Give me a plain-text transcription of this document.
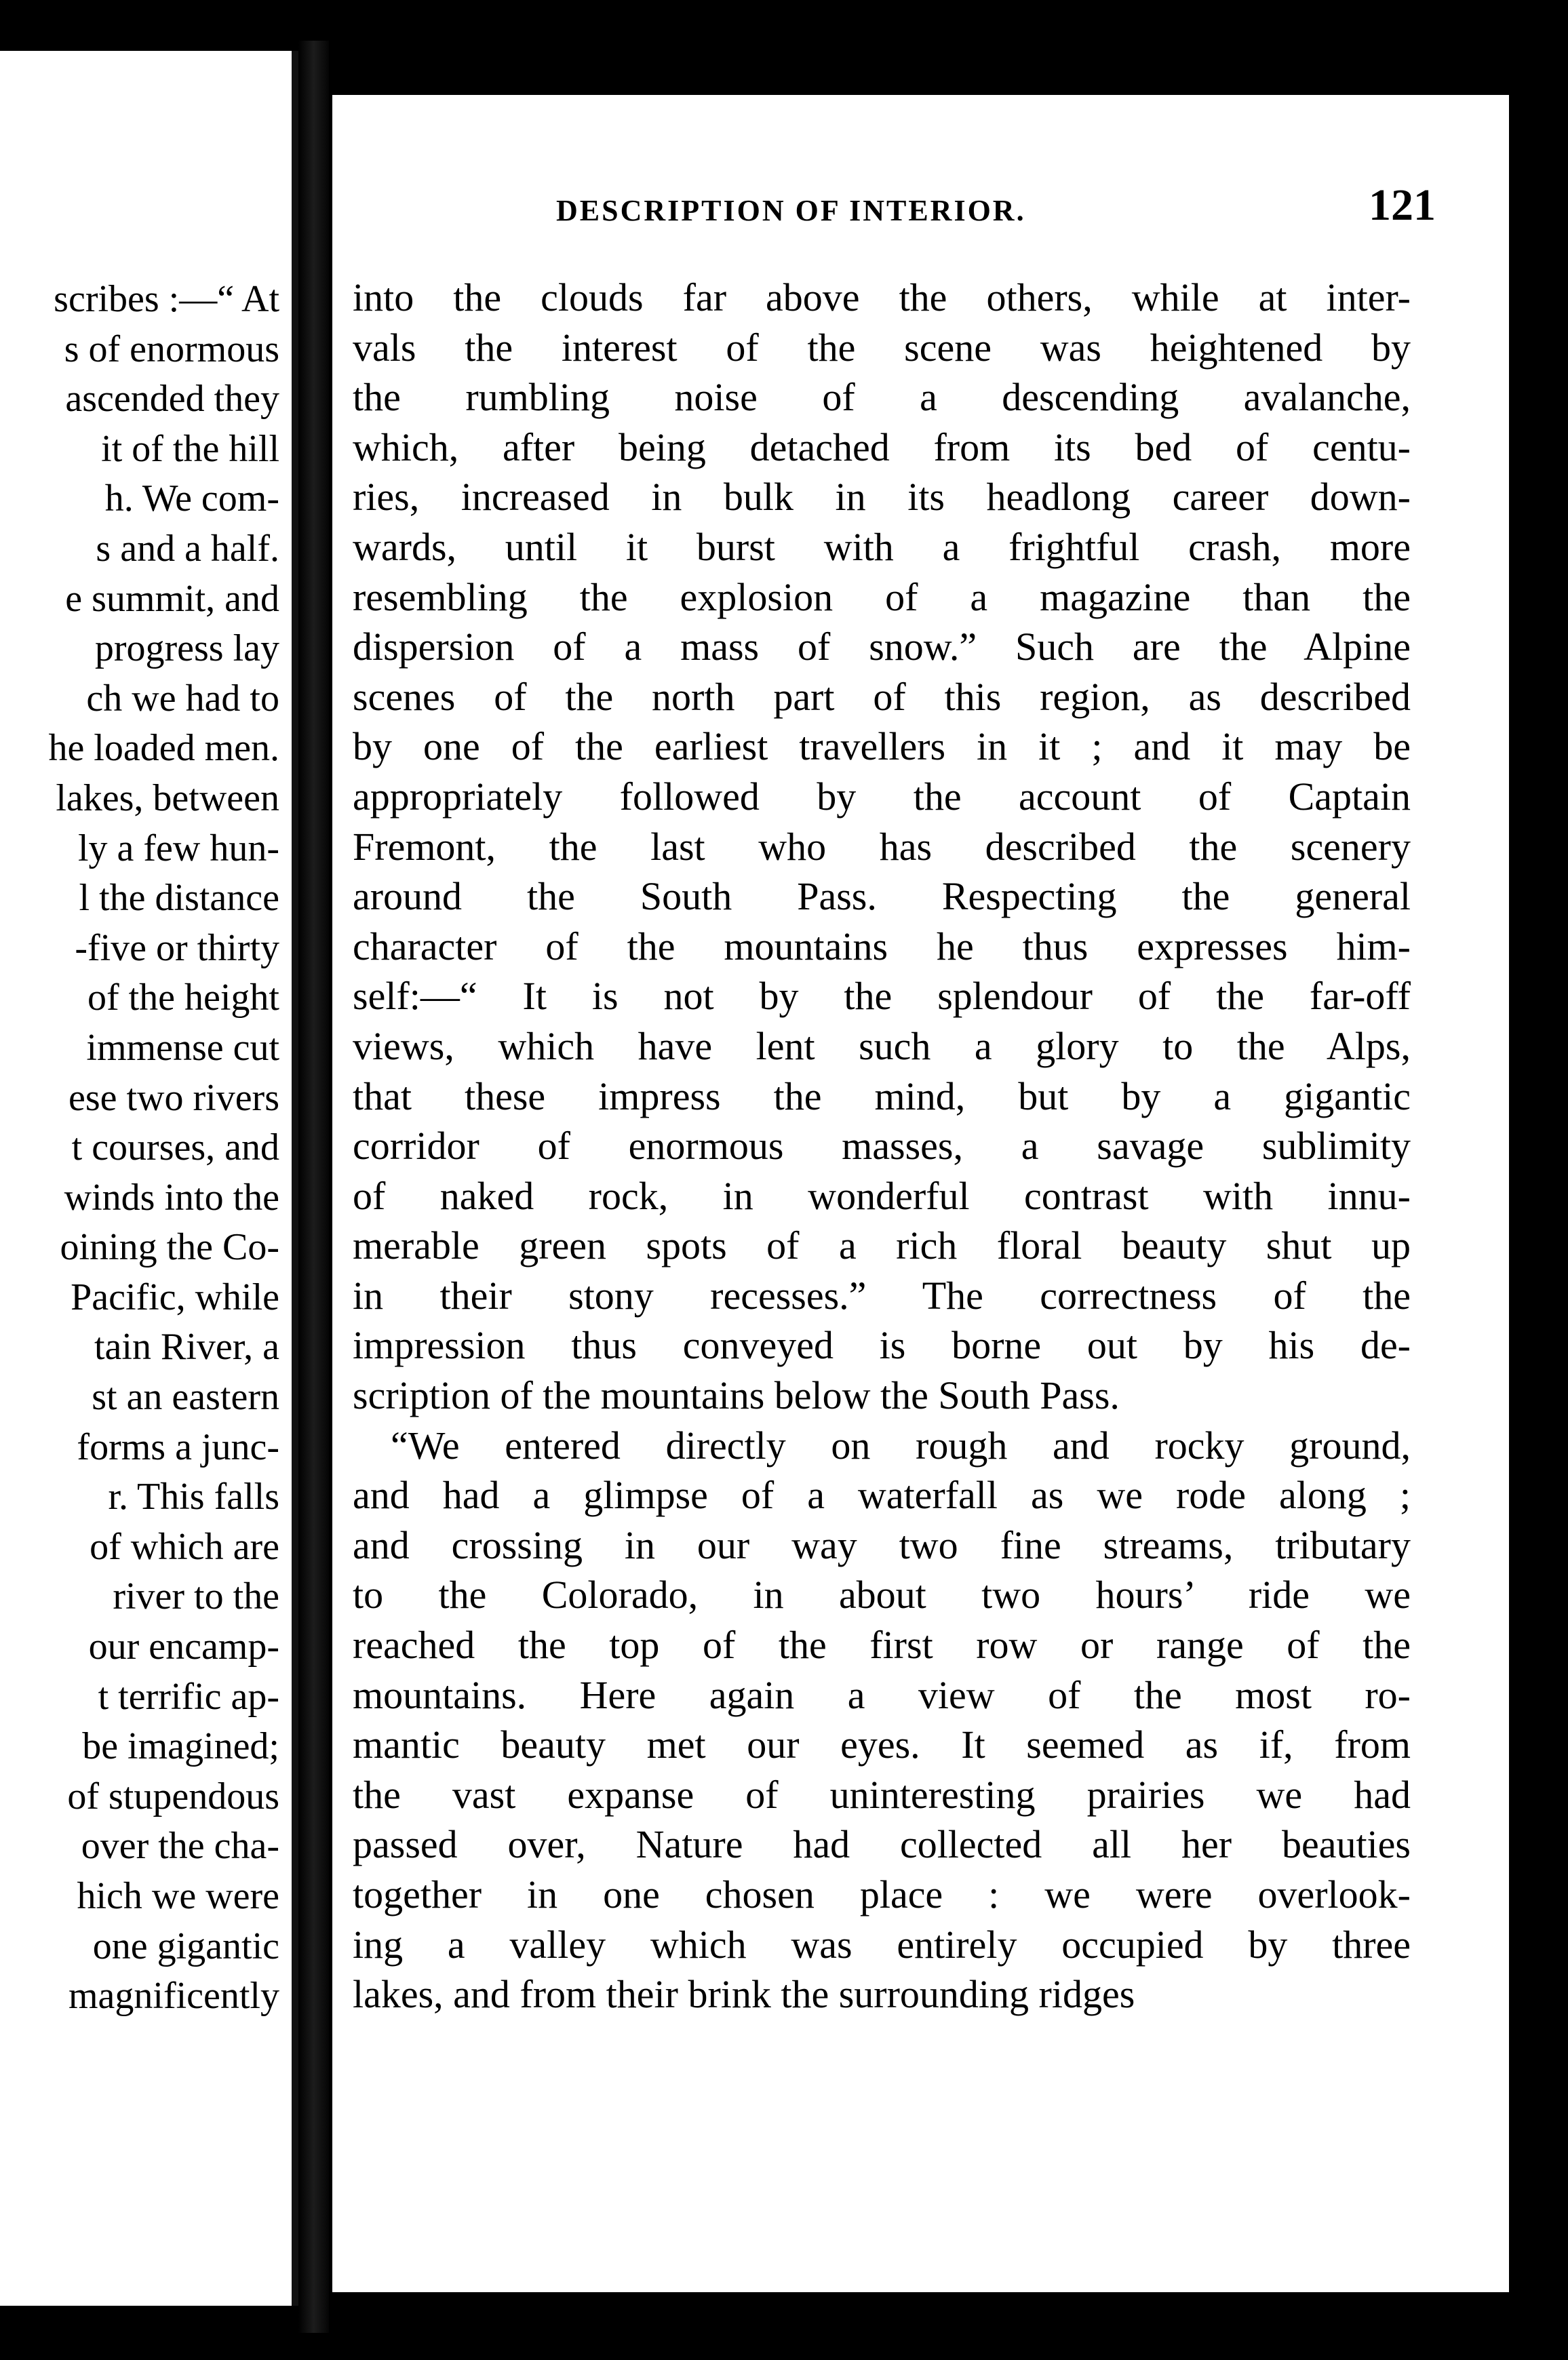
scribes :—“ At
s of enormous
ascended they
it of the hill
h. We com-
s and a half.
e summit, and
progress lay
ch we had to
he loaded men.
lakes, between
ly a few hun-
l the distance
-five or thirty
of the height
immense cut
ese two rivers
t courses, and
winds into the
oining the Co-
Pacific, while
tain River, a
st an eastern
forms a junc-
r. This falls
of which are
river to the
our encamp-
t terrific ap-
be imagined;
of stupendous
over the cha-
hich we were
one gigantic
magnificently
DESCRIPTION OF INTERIOR.	121
into the clouds far above the others, while at inter-
vals the interest of the scene was heightened by
the rumbling noise of a descending avalanche,
which, after being detached from its bed of centu-
ries, increased in bulk in its headlong career down-
wards, until it burst with a frightful crash, more
resembling the explosion of a magazine than the
dispersion of a mass of snow.” Such are the Alpine
scenes of the north part of this region, as described
by one of the earliest travellers in it ; and it may be
appropriately followed by the account of Captain
Fremont, the last who has described the scenery
around the South Pass. Respecting the general
character of the mountains he thus expresses him-
self:—“ It is not by the splendour of the far-off
views, which have lent such a glory to the Alps,
that these impress the mind, but by a gigantic
corridor of enormous masses, a savage sublimity
of naked rock, in wonderful contrast with innu-
merable green spots of a rich floral beauty shut up
in their stony recesses.” The correctness of the
impression thus conveyed is borne out by his de-
scription of the mountains below the South Pass.
“We entered directly on rough and rocky ground,
and had a glimpse of a waterfall as we rode along ;
and crossing in our way two fine streams, tributary
to the Colorado, in about two hours’ ride we
reached the top of the first row or range of the
mountains. Here again a view of the most ro-
mantic beauty met our eyes. It seemed as if, from
the vast expanse of uninteresting prairies we had
passed over, Nature had collected all her beauties
together in one chosen place : we were overlook-
ing a valley which was entirely occupied by three
lakes, and from their brink the surrounding ridges
